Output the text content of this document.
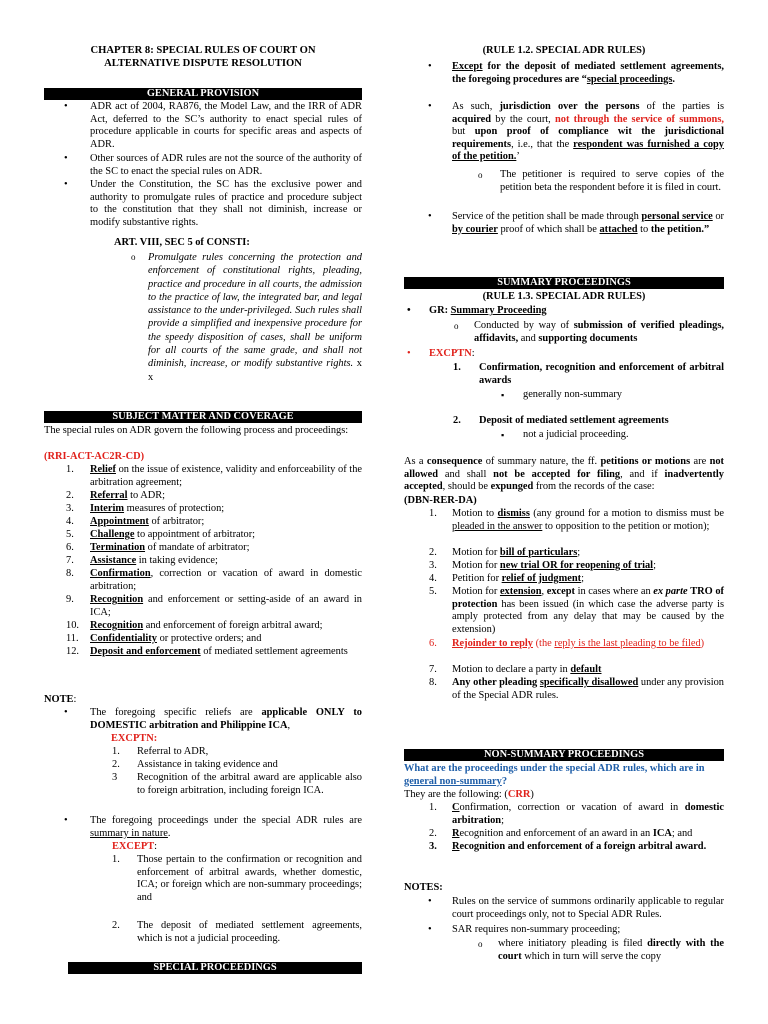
CHAPTER 8: SPECIAL RULES OF COURT ON
ALTERNATIVE DISPUTE RESOLUTION
GENERAL PROVISION
•
ADR act of 2004, RA876, the Model Law, and the IRR of ADR Act, deferred to the SC’s authority to enact special rules of procedure applicable in courts for specific areas and aspects of ADR.
•
Other sources of ADR rules are not the source of the authority of the SC to enact the special rules on ADR.
•
Under the Constitution, the SC has the exclusive power and authority to promulgate rules of practice and procedure subject to the constitution that they shall not diminish, increase or modify substantive rights.
ART. VIII, SEC 5 of CONSTI:
o
Promulgate rules concerning the protection and enforcement of constitutional rights, pleading, practice and procedure in all courts, the admission to the practice of law, the integrated bar, and legal assistance to the under-privileged. Such rules shall provide a simplified and inexpensive procedure for the speedy disposition of cases, shall be uniform for all courts of the same grade, and shall not diminish, increase, or modify substantive rights. x x
SUBJECT MATTER AND COVERAGE
The special rules on ADR govern the following process and proceedings:
(RRI-ACT-AC2R-CD)
1. Relief on the issue of existence, validity and enforceability of the arbitration agreement;
2. Referral to ADR;
3. Interim measures of protection;
4. Appointment of arbitrator;
5. Challenge to appointment of arbitrator;
6. Termination of mandate of arbitrator;
7. Assistance in taking evidence;
8. Confirmation, correction or vacation of award in domestic arbitration;
9. Recognition and enforcement or setting-aside of an award in ICA;
10. Recognition and enforcement of foreign arbitral award;
11. Confidentiality or protective orders; and
12. Deposit and enforcement of mediated settlement agreements
NOTE:
•
The foregoing specific reliefs are applicable ONLY to DOMESTIC arbitration and Philippine ICA,
EXCPTN:
1. Referral to ADR,
2. Assistance in taking evidence and
3 Recognition of the arbitral award are applicable also to foreign arbitration, including foreign ICA.
•
The foregoing proceedings under the special ADR rules are summary in nature.
EXCEPT:
1. Those pertain to the confirmation or recognition and enforcement of arbitral awards, whether domestic, ICA; or foreign which are non-summary proceedings; and
2. The deposit of mediated settlement agreements, which is not a judicial proceeding.
SPECIAL PROCEEDINGS
(RULE 1.2. SPECIAL ADR RULES)
•
Except for the deposit of mediated settlement agreements, the foregoing procedures are “special proceedings.
•
As such, jurisdiction over the persons of the parties is acquired by the court, not through the service of summons, but upon proof of compliance wit the jurisdictional requirements, i.e., that the respondent was furnished a copy of the petition.’
o
The petitioner is required to serve copies of the petition beta the respondent before it is filed in court.
•
Service of the petition shall be made through personal service or by courier proof of which shall be attached to the petition.”
SUMMARY PROCEEDINGS
(RULE 1.3. SPECIAL ADR RULES)
•
GR: Summary Proceeding
o
Conducted by way of submission of verified pleadings, affidavits, and supporting documents
•
EXCPTN:
1. Confirmation, recognition and enforcement of arbitral awards
▪
generally non-summary
2. Deposit of mediated settlement agreements
▪
not a judicial proceeding.
As a consequence of summary nature, the ff. petitions or motions are not allowed and shall not be accepted for filing, and if inadvertently accepted, should be expunged from the records of the case:
(DBN-RER-DA)
1. Motion to dismiss (any ground for a motion to dismiss must be pleaded in the answer to opposition to the petition or motion);
2. Motion for bill of particulars;
3. Motion for new trial OR for reopening of trial;
4. Petition for relief of judgment;
5. Motion for extension, except in cases where an ex parte TRO of protection has been issued (in which case the adverse party is amply protected from any delay that may be caused by the extension)
6. Rejoinder to reply (the reply is the last pleading to be filed)
7. Motion to declare a party in default
8. Any other pleading specifically disallowed under any provision of the Special ADR rules.
NON-SUMMARY PROCEEDINGS
What are the proceedings under the special ADR rules, which are in general non-summary?
They are the following: (CRR)
1. Confirmation, correction or vacation of award in domestic arbitration;
2. Recognition and enforcement of an award in an ICA; and
3. Recognition and enforcement of a foreign arbitral award.
NOTES:
•
Rules on the service of summons ordinarily applicable to regular court proceedings only, not to Special ADR Rules.
•
SAR requires non-summary proceeding;
o
where initiatory pleading is filed directly with the court which in turn will serve the copy
